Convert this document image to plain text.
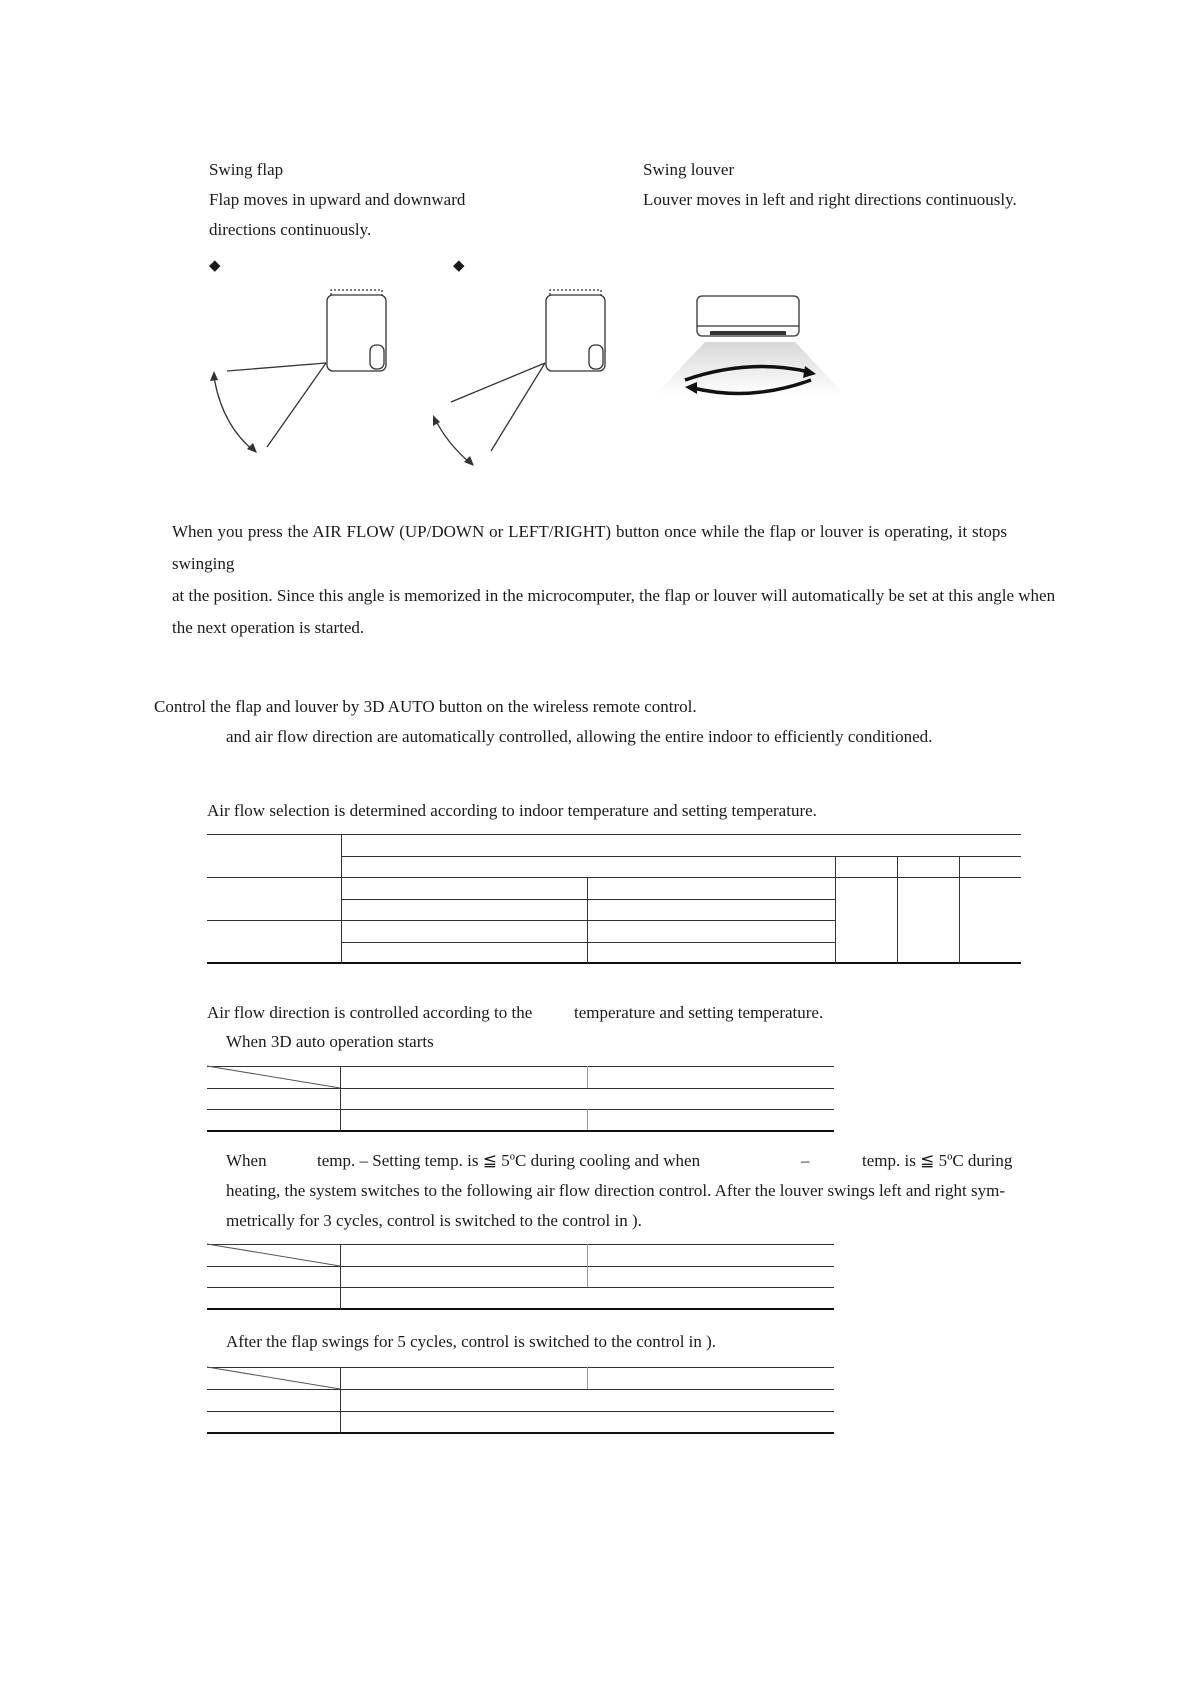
Swing flap
Flap moves in upward and downward
directions continuously.
Swing louver
Louver moves in left and right directions continuously.
◆	◆

When you press the AIR FLOW (UP/DOWN or LEFT/RIGHT) button once while the flap or louver is operating, it stops swinging

at the position. Since this angle is memorized in the microcomputer, the flap or louver will automatically be set at this angle when

the next operation is started.

Control the flap and louver by 3D AUTO button on the wireless remote control.
and air flow direction are automatically controlled, allowing the entire indoor to efficiently conditioned.
Air flow selection is determined according to indoor temperature and setting temperature.
Air flow direction is controlled according to the temperature and setting temperature.
When 3D auto operation starts
When	temp. – Setting temp. is ≦ 5ºC during cooling and when	–	temp. is ≦ 5ºC during
heating, the system switches to the following air flow direction control. After the louver swings left and right sym-
metrically for 3 cycles, control is switched to the control in ).
After the flap swings for 5 cycles, control is switched to the control in ).
